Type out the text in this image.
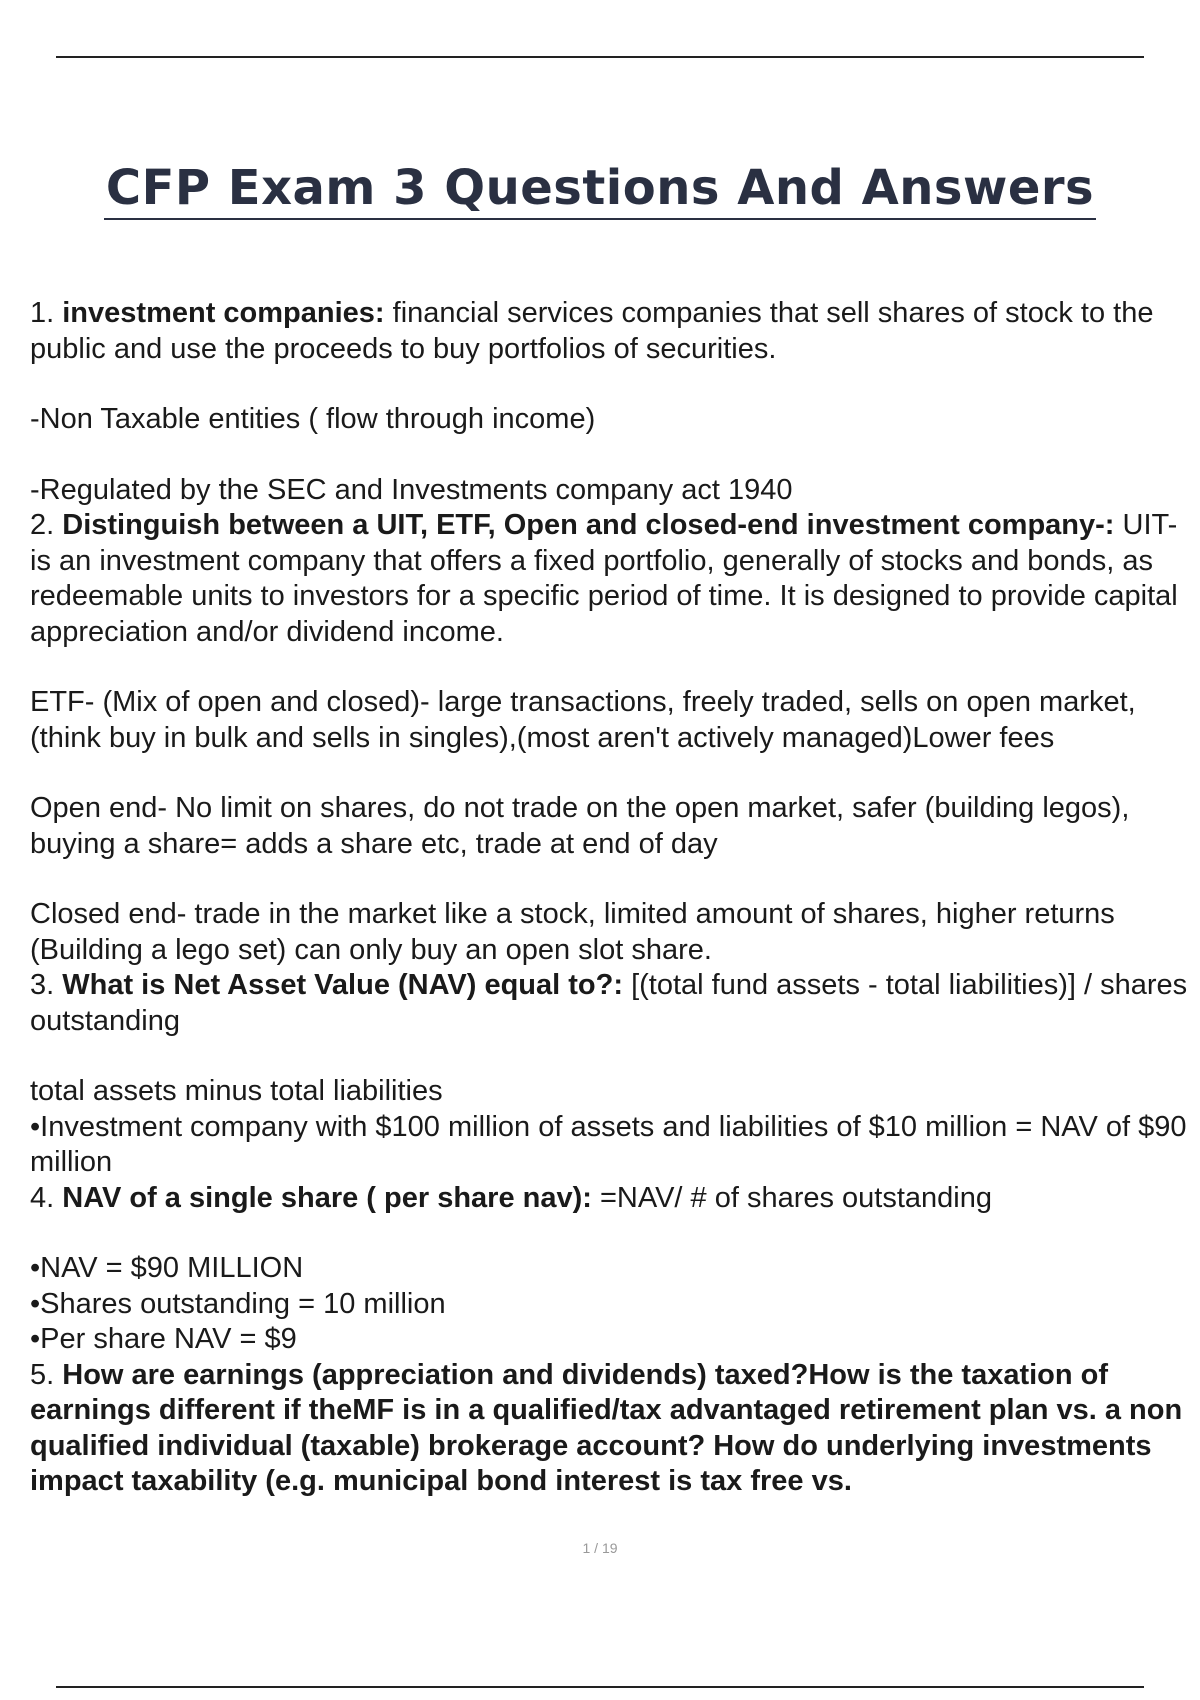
CFP Exam 3 Questions And Answers

1. investment companies: financial services companies that sell shares of stock to the public and use the proceeds to buy portfolios of securities.

-Non Taxable entities ( flow through income)

-Regulated by the SEC and Investments company act 1940

2. Distinguish between a UIT, ETF, Open and closed-end investment company-: UIT-is an investment company that offers a fixed portfolio, generally of stocks and bonds, as redeemable units to investors for a specific period of time. It is designed to provide capital appreciation and/or dividend income.

ETF- (Mix of open and closed)- large transactions, freely traded, sells on open market, (think buy in bulk and sells in singles),(most aren't actively managed)Lower fees

Open end- No limit on shares, do not trade on the open market, safer (building legos), buying a share= adds a share etc, trade at end of day

Closed end- trade in the market like a stock, limited amount of shares, higher returns (Building a lego set) can only buy an open slot share.

3. What is Net Asset Value (NAV) equal to?: [(total fund assets - total liabilities)] / shares outstanding

total assets minus total liabilities

•Investment company with $100 million of assets and liabilities of $10 million = NAV of $90 million

4. NAV of a single share ( per share nav): =NAV/ # of shares outstanding

•NAV = $90 MILLION

•Shares outstanding = 10 million

•Per share NAV = $9

5. How are earnings (appreciation and dividends) taxed?How is the taxation of earnings different if theMF is in a qualified/tax advantaged retirement plan vs. a non qualified individual (taxable) brokerage account? How do underlying investments impact taxability (e.g. municipal bond interest is tax free vs.

1 / 19
